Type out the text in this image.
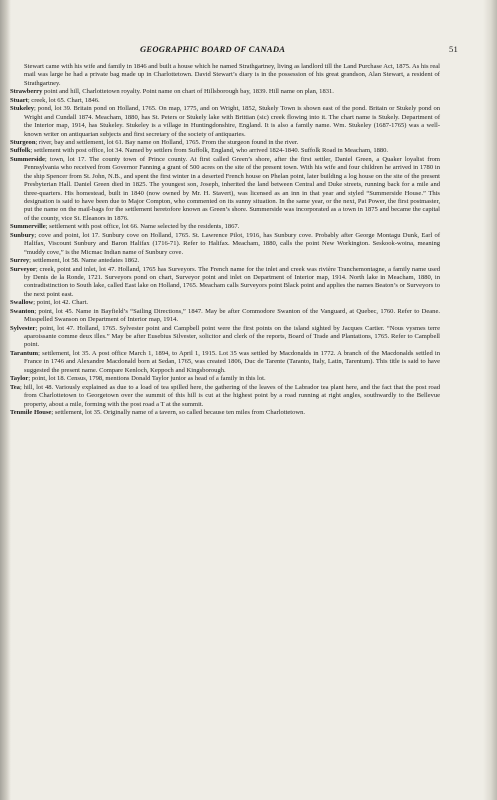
GEOGRAPHIC BOARD OF CANADA	51

Stewart came with his wife and family in 1846 and built a house which he named Strathgartney, living as landlord till the Land Purchase Act, 1875. As his real mail was large he had a private bag made up in Charlottetown. David Stewart’s diary is in the possession of his great grandson, Alan Stewart, a resident of Strathgartney.

Strawberry point and hill, Charlottetown royalty. Point name on chart of Hillsborough bay, 1839. Hill name on plan, 1831.

Stuart; creek, lot 65. Chart, 1846.

Stukeley; pond, lot 39. Britain pond on Holland, 1765. On map, 1775, and on Wright, 1852, Stukely Town is shown east of the pond. Britain or Stukely pond on Wright and Cundall 1874. Meacham, 1880, has St. Peters or Stukely lake with Brittian (sic) creek flowing into it. The chart name is Stukely. Department of the Interior map, 1914, has Stukeley. Stukeley is a village in Huntingdonshire, England. It is also a family name. Wm. Stukeley (1687-1765) was a well-known writer on antiquarian subjects and first secretary of the society of antiquaries.

Sturgeon; river, bay and settlement, lot 61. Bay name on Holland, 1765. From the sturgeon found in the river.

Suffolk; settlement with post office, lot 34. Named by settlers from Suffolk, England, who arrived 1824-1840. Suffolk Road in Meacham, 1880.

Summerside; town, lot 17. The county town of Prince county. At first called Green’s shore, after the first settler, Daniel Green, a Quaker loyalist from Pennsylvania who received from Governor Fanning a grant of 500 acres on the site of the present town. With his wife and four children he arrived in 1780 in the ship Spencer from St. John, N.B., and spent the first winter in a deserted French house on Phelan point, later building a log house on the site of the present Presbyterian Hall. Daniel Green died in 1825. The youngest son, Joseph, inherited the land between Central and Duke streets, running back for a mile and three-quarters. His homestead, built in 1840 (now owned by Mr. H. Stavert), was licensed as an inn in that year and styled “Summerside House.” This designation is said to have been due to Major Compton, who commented on its sunny situation. In the same year, or the next, Pat Power, the first postmaster, put the name on the mail-bags for the settlement heretofore known as Green’s shore. Summerside was incorporated as a town in 1875 and became the capital of the county, vice St. Eleanors in 1876.

Summerville; settlement with post office, lot 66. Name selected by the residents, 1867.

Sunbury; cove and point, lot 17. Sunbury cove on Holland, 1765. St. Lawrence Pilot, 1916, has Sunbury cove. Probably after George Montagu Dunk, Earl of Halifax, Viscount Sunbury and Baron Halifax (1716-71). Refer to Halifax. Meacham, 1880, calls the point New Workington. Seskook-woina, meaning “muddy cove,” is the Micmac Indian name of Sunbury cove.

Surrey; settlement, lot 58. Name antedates 1862.

Surveyor; creek, point and inlet, lot 47. Holland, 1765 has Surveyors. The French name for the inlet and creek was rivière Tranchemontagne, a family name used by Denis de la Ronde, 1721. Surveyors pond on chart, Surveyor point and inlet on Department of Interior map, 1914. North lake in Meacham, 1880, in contradistinction to South lake, called East lake on Holland, 1765. Meacham calls Surveyors point Black point and applies the names Beaton’s or Surveyors to the next point east.

Swallow; point, lot 42. Chart.

Swanton; point, lot 45. Name in Bayfield’s “Sailing Directions,” 1847. May be after Commodore Swanton of the Vanguard, at Quebec, 1760. Refer to Deane. Misspelled Swanson on Department of Interior map, 1914.

Sylvester; point, lot 47. Holland, 1765. Sylvester point and Campbell point were the first points on the island sighted by Jacques Cartier. “Nous vysmes terre aparoissante comme deux illes.” May be after Eusebius Silvester, solicitor and clerk of the reports, Board of Trade and Plantations, 1765. Refer to Campbell point.

Tarantum; settlement, lot 35. A post office March 1, 1894, to April 1, 1915. Lot 35 was settled by Macdonalds in 1772. A branch of the Macdonalds settled in France in 1746 and Alexandre Macdonald born at Sedan, 1765, was created 1806, Duc de Tarente (Taranto, Italy, Latin, Tarentum). This title is said to have suggested the present name. Compare Kenloch, Keppoch and Kingsborough.

Taylor; point, lot 18. Census, 1798, mentions Donald Taylor junior as head of a family in this lot.

Tea; hill, lot 48. Variously explained as due to a load of tea spilled here, the gathering of the leaves of the Labrador tea plant here, and the fact that the post road from Charlottetown to Georgetown over the summit of this hill is cut at the highest point by a road running at right angles, southwardly to the Bellevue property, about a mile, forming with the post road a T at the summit.

Tenmile House; settlement, lot 35. Originally name of a tavern, so called because ten miles from Charlottetown.
